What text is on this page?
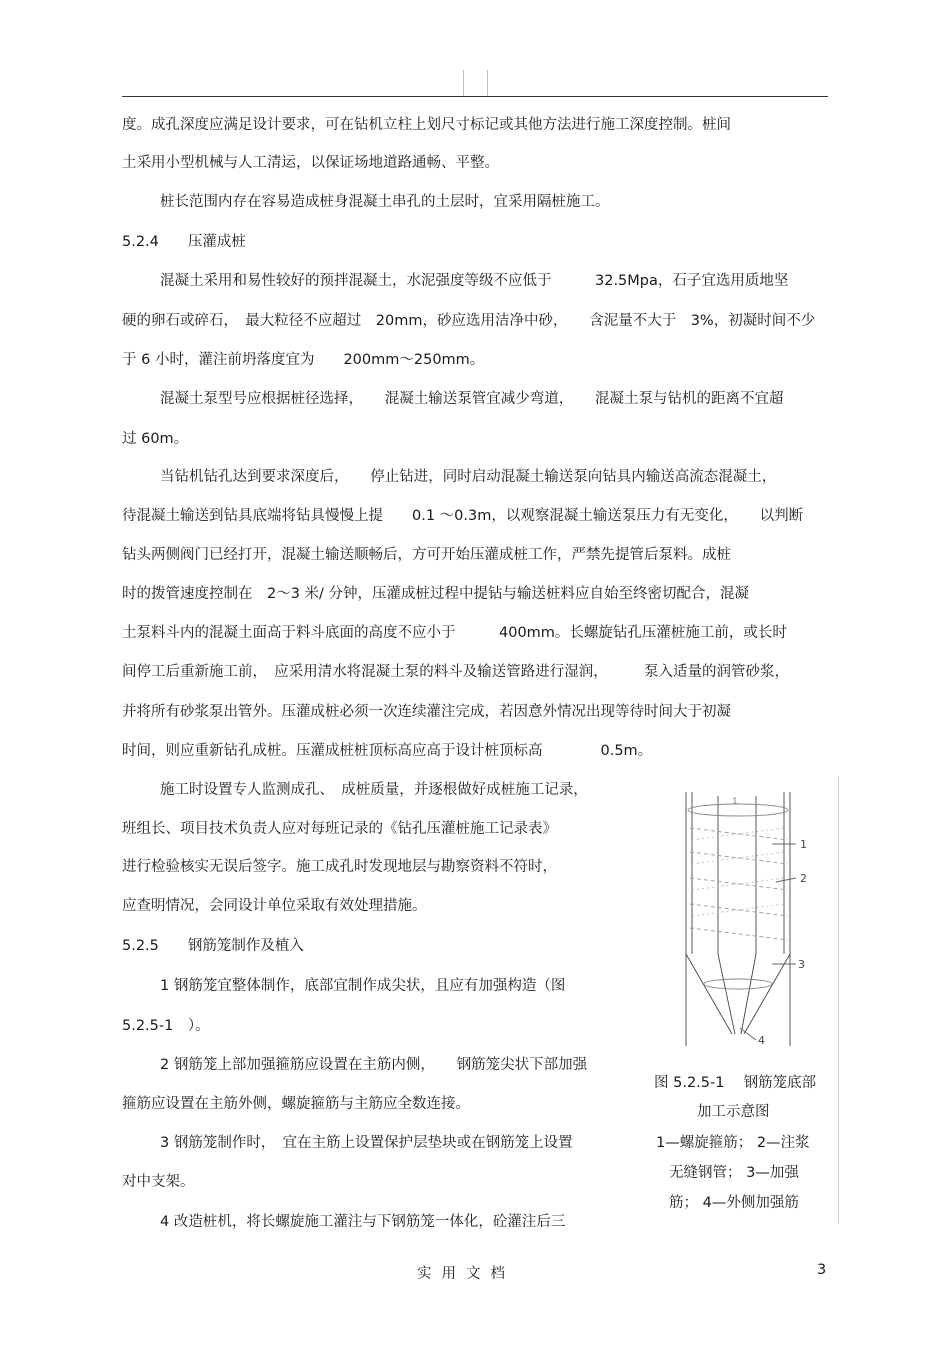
度。成孔深度应满足设计要求，可在钻机立柱上划尺寸标记或其他方法进行施工深度控制。桩间
土采用小型机械与人工清运，以保证场地道路通畅、平整。
桩长范围内存在容易造成桩身混凝土串孔的土层时，宜采用隔桩施工。
5.2.4　　压灌成桩
混凝土采用和易性较好的预拌混凝土，水泥强度等级不应低于　　　32.5Mpa，石子宜选用质地坚
硬的卵石或碎石，　最大粒径不应超过　20mm，砂应选用洁净中砂，　　含泥量不大于　3%，初凝时间不少
于 6 小时，灌注前坍落度宜为　　200mm～250mm。
混凝土泵型号应根据桩径选择，　　混凝土输送泵管宜减少弯道，　　混凝土泵与钻机的距离不宜超
过 60m。
当钻机钻孔达到要求深度后，　　停止钻进，同时启动混凝土输送泵向钻具内输送高流态混凝土，
待混凝土输送到钻具底端将钻具慢慢上提　　0.1 ～0.3m，以观察混凝土输送泵压力有无变化，　　以判断
钻头两侧阀门已经打开，混凝土输送顺畅后，方可开始压灌成桩工作，严禁先提管后泵料。成桩
时的拨管速度控制在　2～3 米/ 分钟，压灌成桩过程中提钻与输送桩料应自始至终密切配合，混凝
土泵料斗内的混凝土面高于料斗底面的高度不应小于　　　400mm。长螺旋钻孔压灌桩施工前，或长时
间停工后重新施工前，　应采用清水将混凝土泵的料斗及输送管路进行湿润，　　　泵入适量的润管砂浆，
并将所有砂浆泵出管外。压灌成桩必须一次连续灌注完成，若因意外情况出现等待时间大于初凝
时间，则应重新钻孔成桩。压灌成桩桩顶标高应高于设计桩顶标高　　　　0.5m。
施工时设置专人监测成孔、　成桩质量，并逐根做好成桩施工记录，
班组长、项目技术负责人应对每班记录的《钻孔压灌桩施工记录表》
进行检验核实无误后签字。施工成孔时发现地层与勘察资料不符时，
应查明情况，会同设计单位采取有效处理措施。
5.2.5　　钢筋笼制作及植入
1 钢筋笼宜整体制作，底部宜制作成尖状，且应有加强构造（图
5.2.5-1　）。
2 钢筋笼上部加强箍筋应设置在主筋内侧，　　钢筋笼尖状下部加强
箍筋应设置在主筋外侧，螺旋箍筋与主筋应全数连接。
3 钢筋笼制作时，　宜在主筋上设置保护层垫块或在钢筋笼上设置
对中支架。
4 改造桩机，将长螺旋施工灌注与下钢筋笼一体化，砼灌注后三
1
2
3
4
1
图 5.2.5-1　 钢筋笼底部
加工示意图
1—螺旋箍筋； 2—注浆
无缝钢管； 3—加强
筋； 4—外侧加强筋
实用文档	3
